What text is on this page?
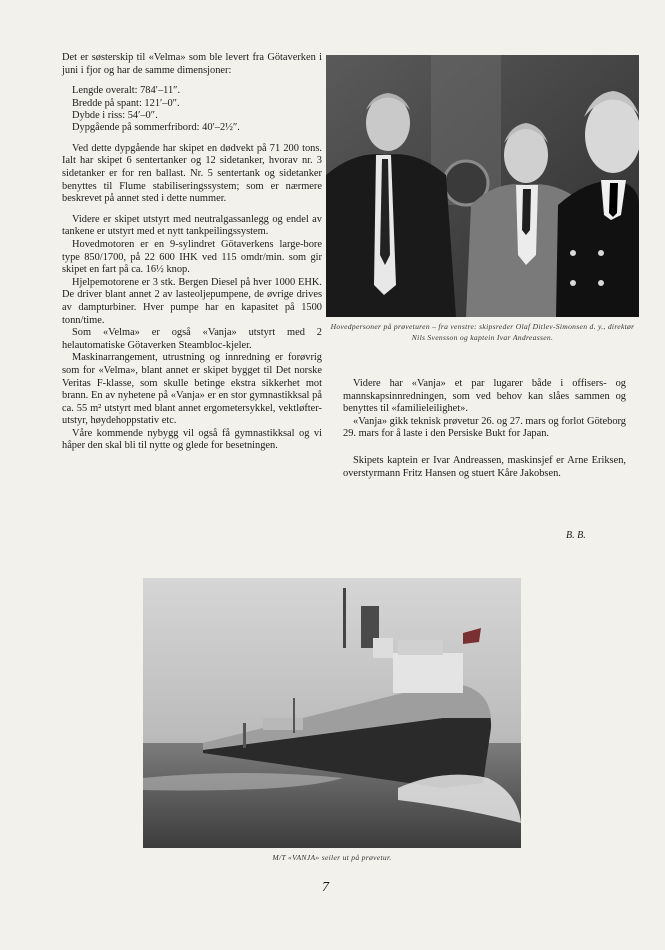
Det er søsterskip til «Velma» som ble levert fra Götaverken i juni i fjor og har de samme dimensjoner:

Lengde overalt: 784′–11″.
Bredde på spant: 121′–0″.
Dybde i riss: 54′–0″.
Dypgående på sommerfribord: 40′–2½″.

Ved dette dypgående har skipet en dødvekt på 71 200 tons. Ialt har skipet 6 sentertanker og 12 sidetanker, hvorav nr. 3 sidetanker er for ren ballast. Nr. 5 sentertank og sidetanker benyttes til Flume stabiliseringssystem; som er nærmere beskrevet på annet sted i dette nummer.

Videre er skipet utstyrt med neutralgassanlegg og endel av tankene er utstyrt med et nytt tankpeilingssystem.

Hovedmotoren er en 9-sylindret Götaverkens large-bore type 850/1700, på 22 600 IHK ved 115 omdr/min. som gir skipet en fart på ca. 16½ knop.

Hjelpemotorene er 3 stk. Bergen Diesel på hver 1000 EHK. De driver blant annet 2 av lasteoljepumpene, de øvrige drives av dampturbiner. Hver pumpe har en kapasitet på 1500 tonn/time.

Som «Velma» er også «Vanja» utstyrt med 2 helautomatiske Götaverken Steambloc-kjeler.

Maskinarrangement, utrustning og innredning er forøvrig som for «Velma», blant annet er skipet bygget til Det norske Veritas F-klasse, som skulle betinge ekstra sikkerhet mot brann. En av nyhetene på «Vanja» er en stor gymnastikksal på ca. 55 m² utstyrt med blant annet ergometersykkel, vektløfter-utstyr, høydehoppstativ etc.

Våre kommende nybygg vil også få gymnastikksal og vi håper den skal bli til nytte og glede for besetningen.

Hovedpersoner på prøveturen – fra venstre: skipsreder Olaf Ditlev-Simonsen d. y., direktør Nils Svensson og kaptein Ivar Andreassen.

Videre har «Vanja» et par lugarer både i offisers- og mannskapsinnredningen, som ved behov kan slåes sammen og benyttes til «familieleilighet».

«Vanja» gikk teknisk prøvetur 26. og 27. mars og forlot Göteborg 29. mars for å laste i den Persiske Bukt for Japan.

Skipets kaptein er Ivar Andreassen, maskinsjef er Arne Eriksen, overstyrmann Fritz Hansen og stuert Kåre Jakobsen.

B. B.
M/T «VANJA» seiler ut på prøvetur.
7
